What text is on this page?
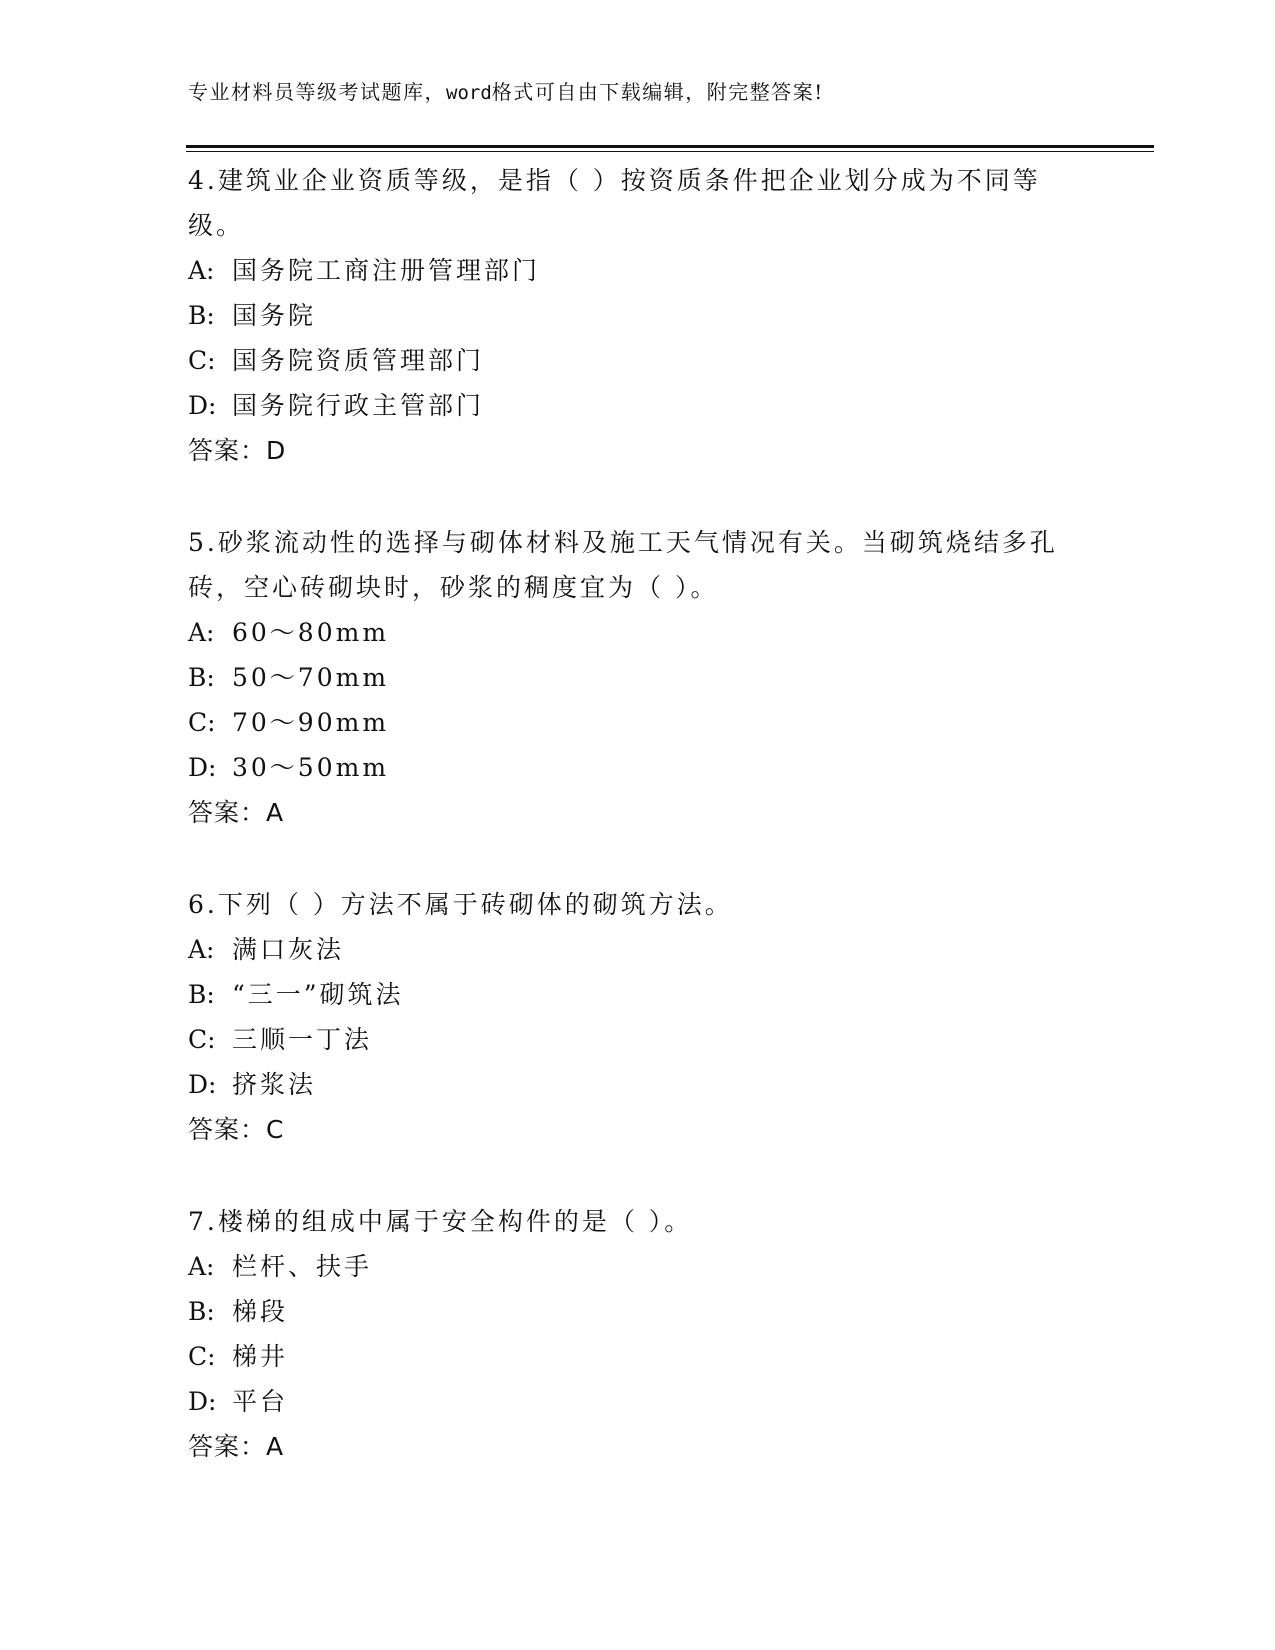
专业材料员等级考试题库，word格式可自由下载编辑，附完整答案!

4.建筑业企业资质等级，是指（ ）按资质条件把企业划分成为不同等级。

A: 国务院工商注册管理部门

B: 国务院

C: 国务院资质管理部门

D: 国务院行政主管部门

答案：D

5.砂浆流动性的选择与砌体材料及施工天气情况有关。当砌筑烧结多孔砖，空心砖砌块时，砂浆的稠度宜为（ ）。

A: 60～80mm

B: 50～70mm

C: 70～90mm

D: 30～50mm

答案：A

6.下列（ ）方法不属于砖砌体的砌筑方法。

A: 满口灰法

B: “三一”砌筑法

C: 三顺一丁法

D: 挤浆法

答案：C

7.楼梯的组成中属于安全构件的是（ ）。

A: 栏杆、扶手

B: 梯段

C: 梯井

D: 平台

答案：A
